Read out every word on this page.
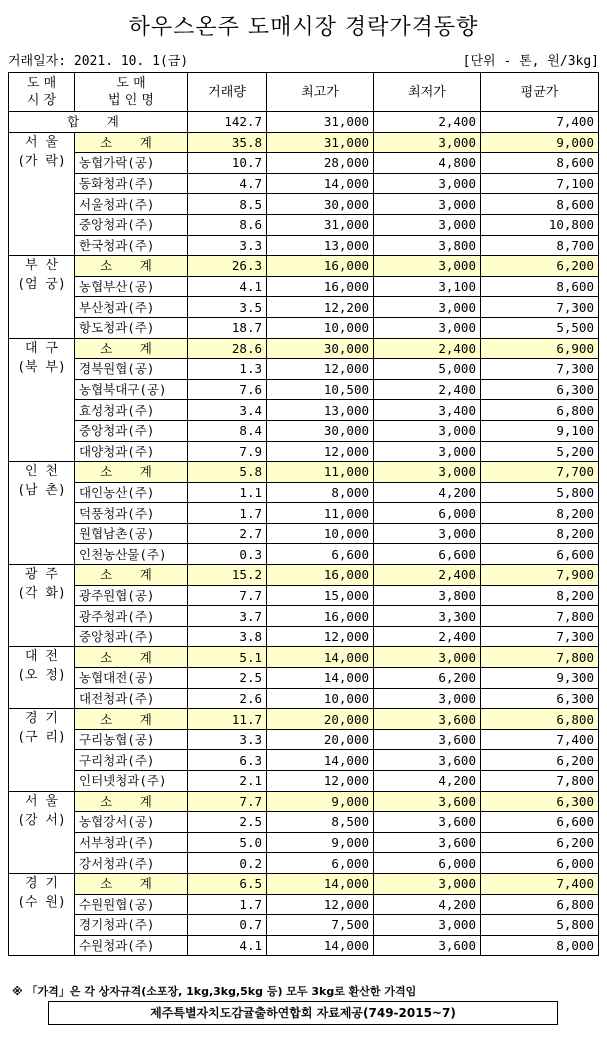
하우스온주 도매시장 경락가격동향
거래일자: 2021. 10. 1(금)	[단위 - 톤, 원/3kg]
도 매
시 장	도 매
법 인 명	거래량	최고가	최저가	평균가
합 계		142.7	31,000	2,400	7,400
서 울
(가 락)	소 계	35.8	31,000	3,000	9,000
	농협가락(공)	10.7	28,000	4,800	8,600
	동화청과(주)	4.7	14,000	3,000	7,100
	서울청과(주)	8.5	30,000	3,000	8,600
	중앙청과(주)	8.6	31,000	3,000	10,800
	한국청과(주)	3.3	13,000	3,800	8,700
부 산
(엄 궁)	소 계	26.3	16,000	3,000	6,200
	농협부산(공)	4.1	16,000	3,100	8,600
	부산청과(주)	3.5	12,200	3,000	7,300
	항도청과(주)	18.7	10,000	3,000	5,500
대 구
(북 부)	소 계	28.6	30,000	2,400	6,900
	경북원협(공)	1.3	12,000	5,000	7,300
	농협북대구(공)	7.6	10,500	2,400	6,300
	효성청과(주)	3.4	13,000	3,400	6,800
	중앙청과(주)	8.4	30,000	3,000	9,100
	대양청과(주)	7.9	12,000	3,000	5,200
인 천
(남 촌)	소 계	5.8	11,000	3,000	7,700
	대인농산(주)	1.1	8,000	4,200	5,800
	덕풍청과(주)	1.7	11,000	6,000	8,200
	원협남촌(공)	2.7	10,000	3,000	8,200
	인천농산물(주)	0.3	6,600	6,600	6,600
광 주
(각 화)	소 계	15.2	16,000	2,400	7,900
	광주원협(공)	7.7	15,000	3,800	8,200
	광주청과(주)	3.7	16,000	3,300	7,800
	중앙청과(주)	3.8	12,000	2,400	7,300
대 전
(오 정)	소 계	5.1	14,000	3,000	7,800
	농협대전(공)	2.5	14,000	6,200	9,300
	대전청과(주)	2.6	10,000	3,000	6,300
경 기
(구 리)	소 계	11.7	20,000	3,600	6,800
	구리농협(공)	3.3	20,000	3,600	7,400
	구리청과(주)	6.3	14,000	3,600	6,200
	인터넷청과(주)	2.1	12,000	4,200	7,800
서 울
(강 서)	소 계	7.7	9,000	3,600	6,300
	농협강서(공)	2.5	8,500	3,600	6,600
	서부청과(주)	5.0	9,000	3,600	6,200
	강서청과(주)	0.2	6,000	6,000	6,000
경 기
(수 원)	소 계	6.5	14,000	3,000	7,400
	수원원협(공)	1.7	12,000	4,200	6,800
	경기청과(주)	0.7	7,500	3,000	5,800
	수원청과(주)	4.1	14,000	3,600	8,000
※ 「가격」은 각 상자규격(소포장, 1kg,3kg,5kg 등) 모두 3kg로 환산한 가격임
제주특별자치도감귤출하연합회 자료제공(749-2015~7)
